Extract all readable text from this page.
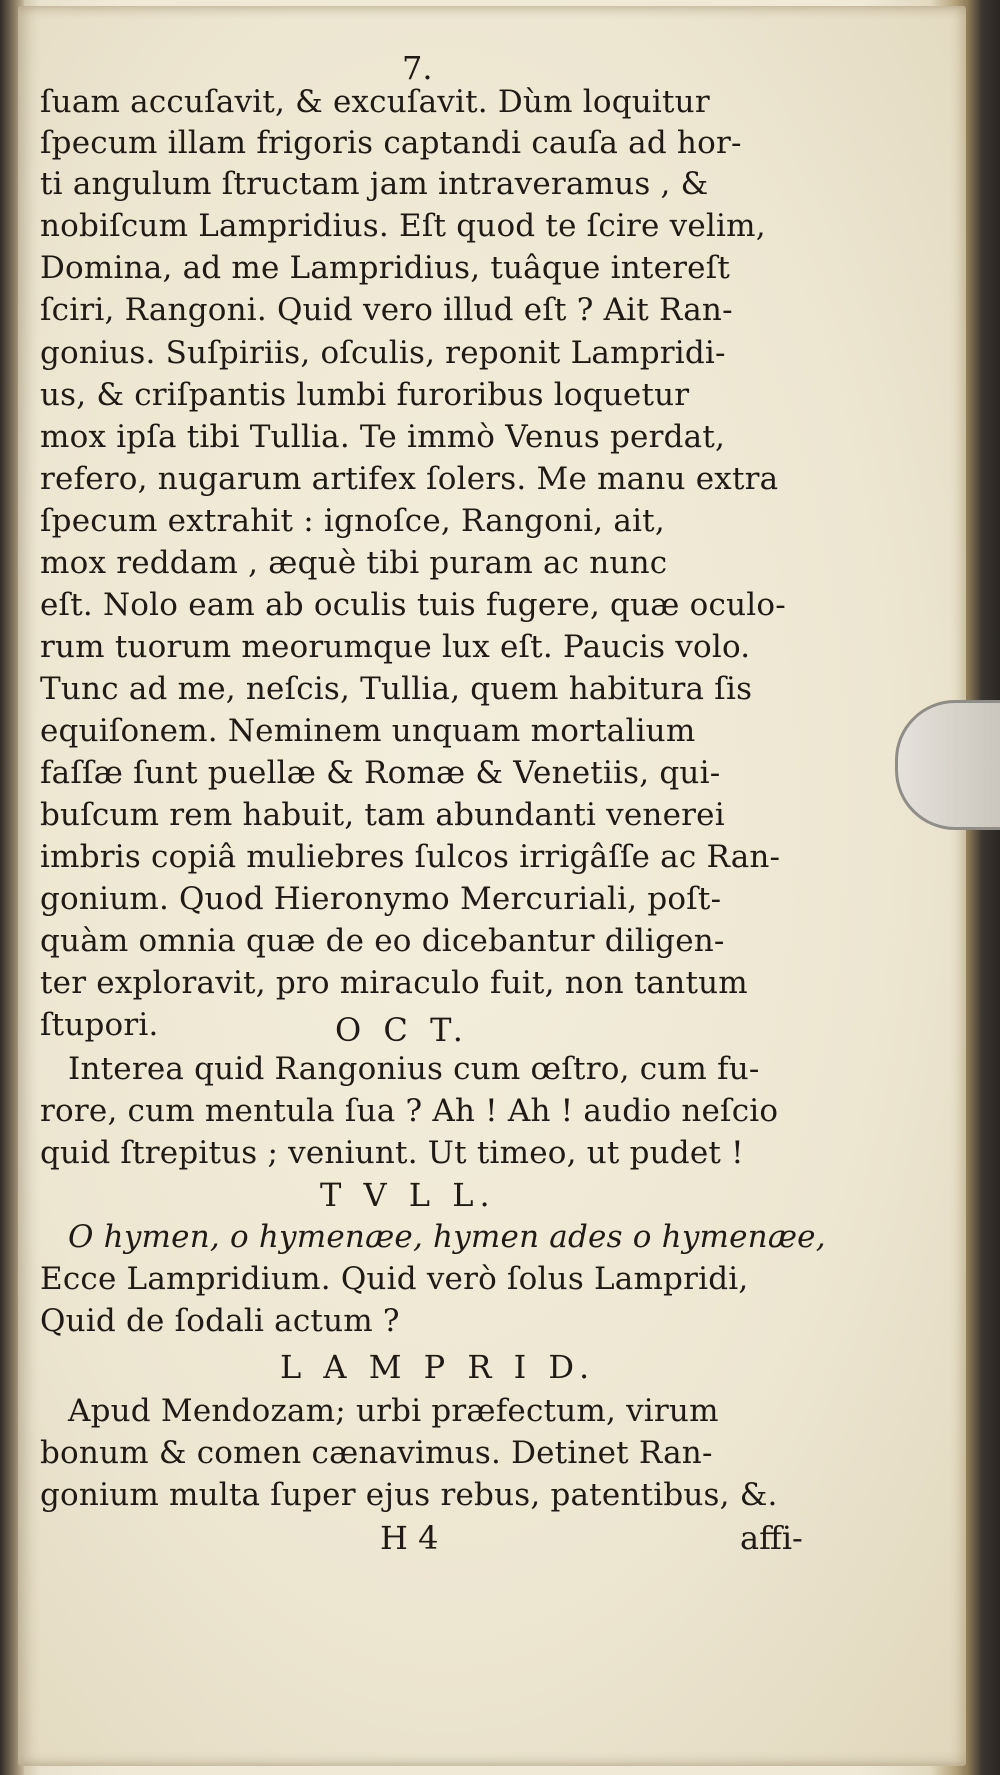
7.
ſuam accuſavit, & excuſavit. Dùm loquitur
ſpecum illam frigoris captandi cauſa ad hor-
ti angulum ſtructam jam intraveramus , &
nobiſcum Lampridius. Eſt quod te ſcire velim,
Domina, ad me Lampridius, tuâque intereſt
ſciri, Rangoni. Quid vero illud eſt ? Ait Ran-
gonius. Suſpiriis, oſculis, reponit Lampridi-
us, & criſpantis lumbi furoribus loquetur
mox ipſa tibi Tullia. Te immò Venus perdat,
refero, nugarum artifex ſolers. Me manu extra
ſpecum extrahit : ignoſce, Rangoni, ait,
mox reddam , æquè tibi puram ac nunc
eſt. Nolo eam ab oculis tuis fugere, quæ oculo-
rum tuorum meorumque lux eſt. Paucis volo.
Tunc ad me, neſcis, Tullia, quem habitura ſis
equiſonem. Neminem unquam mortalium
faſſæ ſunt puellæ & Romæ & Venetiis, qui-
buſcum rem habuit, tam abundanti venerei
imbris copiâ muliebres ſulcos irrigâſſe ac Ran-
gonium. Quod Hieronymo Mercuriali, poſt-
quàm omnia quæ de eo dicebantur diligen-
ter exploravit, pro miraculo fuit, non tantum
ſtupori.	O C T.
Interea quid Rangonius cum œſtro, cum fu-
rore, cum mentula ſua ? Ah ! Ah ! audio neſcio
quid ſtrepitus ; veniunt. Ut timeo, ut pudet !
T V L L.
O hymen, o hymenæe, hymen ades o hymenæe,
Ecce Lampridium. Quid verò ſolus Lampridi,
Quid de ſodali actum ?
L A M P R I D.
Apud Mendozam; urbi præfectum, virum
bonum & comen cænavimus. Detinet Ran-
gonium multa ſuper ejus rebus, patentibus, &.
H 4	affi-
